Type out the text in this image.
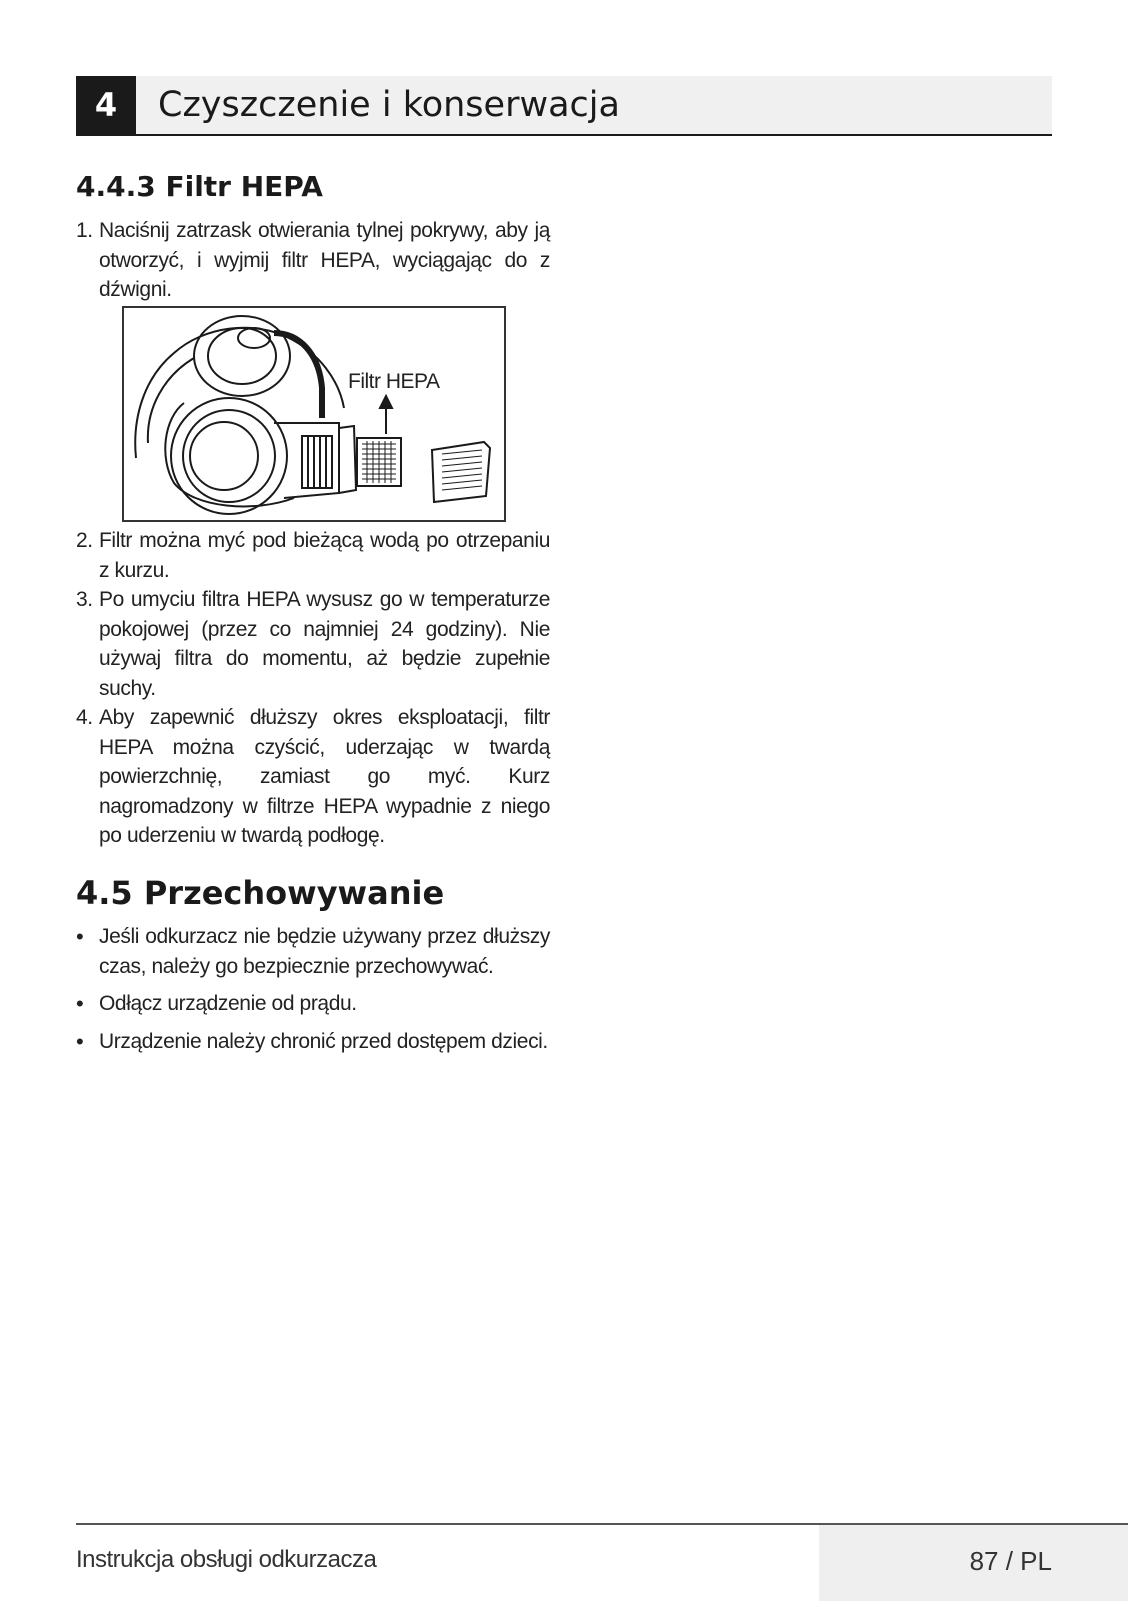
4	Czyszczenie i konserwacja
4.4.3 Filtr HEPA
1. Naciśnij zatrzask otwierania tylnej pokrywy, aby ją otworzyć, i wyjmij filtr HEPA, wyciągając do z dźwigni.
Filtr HEPA
2. Filtr można myć pod bieżącą wodą po otrzepaniu z kurzu.
3. Po umyciu filtra HEPA wysusz go w temperaturze pokojowej (przez co najmniej 24 godziny). Nie używaj filtra do momentu, aż będzie zupełnie suchy.
4. Aby zapewnić dłuższy okres eksploatacji, filtr HEPA można czyścić, uderzając w twardą powierzchnię, zamiast go myć. Kurz nagromadzony w filtrze HEPA wypadnie z niego po uderzeniu w twardą podłogę.
4.5 Przechowywanie
• Jeśli odkurzacz nie będzie używany przez dłuższy czas, należy go bezpiecznie przechowywać.
• Odłącz urządzenie od prądu.
• Urządzenie należy chronić przed dostępem dzieci.
Instrukcja obsługi odkurzacza	87 / PL
